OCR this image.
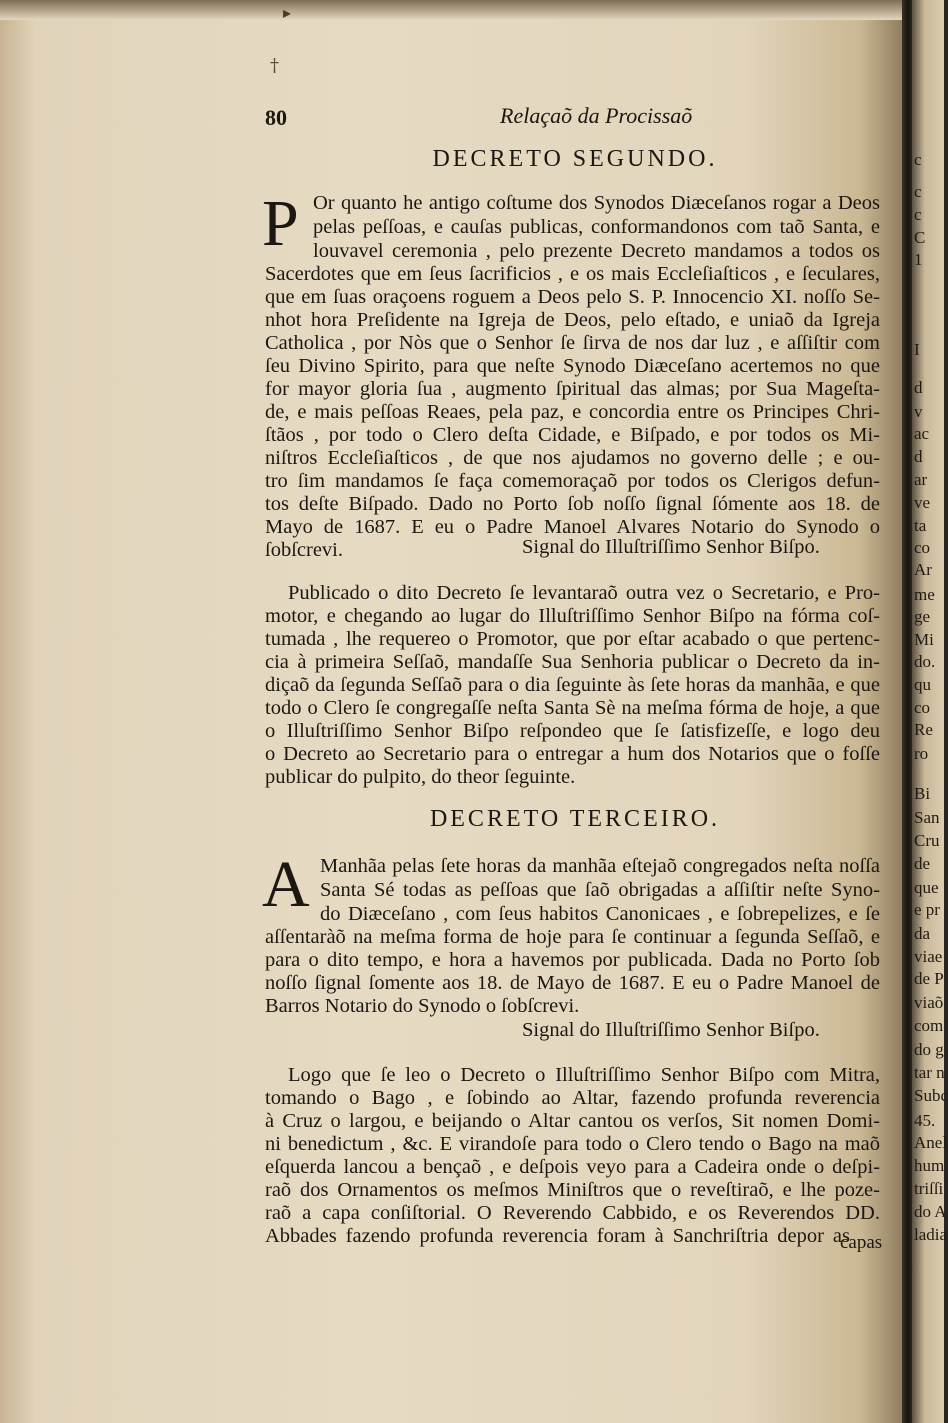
†
▸
80	Relaçaõ da Procissaõ
DECRETO SEGUNDO.
P Or quanto he antigo coſtume dos Synodos Diæceſanos rogar a Deos
pelas peſſoas, e cauſas publicas, conformandonos com taõ Santa, e
louvavel ceremonia , pelo prezente Decreto mandamos a todos os
Sacerdotes que em ſeus ſacrificios , e os mais Eccleſiaſticos , e ſeculares,
que em ſuas oraçoens roguem a Deos pelo S. P. Innocencio XI. noſſo Se-
nhot hora Preſidente na Igreja de Deos, pelo eſtado, e uniaõ da Igreja
Catholica , por Nòs que o Senhor ſe ſirva de nos dar luz , e aſſiſtir com
ſeu Divino Spirito, para que neſte Synodo Diæceſano acertemos no que
for mayor gloria ſua , augmento ſpiritual das almas; por Sua Mageſta-
de, e mais peſſoas Reaes, pela paz, e concordia entre os Principes Chri-
ſtãos , por todo o Clero deſta Cidade, e Biſpado, e por todos os Mi-
niſtros Eccleſiaſticos , de que nos ajudamos no governo delle ; e ou-
tro ſim mandamos ſe faça comemoraçaõ por todos os Clerigos defun-
tos deſte Biſpado. Dado no Porto ſob noſſo ſignal ſómente aos 18. de
Mayo de 1687. E eu o Padre Manoel Alvares Notario do Synodo o ſobſcrevi.	Signal do Illuſtriſſimo Senhor Biſpo.
Publicado o dito Decreto ſe levantaraõ outra vez o Secretario, e Pro-
motor, e chegando ao lugar do Illuſtriſſimo Senhor Biſpo na fórma coſ-
tumada , lhe requereo o Promotor, que por eſtar acabado o que pertenc-
cia à primeira Seſſaõ, mandaſſe Sua Senhoria publicar o Decreto da in-
diçaõ da ſegunda Seſſaõ para o dia ſeguinte às ſete horas da manhãa, e que
todo o Clero ſe congregaſſe neſta Santa Sè na meſma fórma de hoje, a que
o Illuſtriſſimo Senhor Biſpo reſpondeo que ſe ſatisfizeſſe, e logo deu
o Decreto ao Secretario para o entregar a hum dos Notarios que o foſſe
publicar do pulpito, do theor ſeguinte.
DECRETO TERCEIRO.
A Manhãa pelas ſete horas da manhãa eſtejaõ congregados neſta noſſa
Santa Sé todas as peſſoas que ſaõ obrigadas a aſſiſtir neſte Syno-
do Diæceſano , com ſeus habitos Canonicaes , e ſobrepelizes, e ſe
aſſentaràõ na meſma forma de hoje para ſe continuar a ſegunda Seſſaõ, e
para o dito tempo, e hora a havemos por publicada. Dada no Porto ſob
noſſo ſignal ſomente aos 18. de Mayo de 1687. E eu o Padre Manoel de
Barros Notario do Synodo o ſobſcrevi.
Signal do Illuſtriſſimo Senhor Biſpo.
Logo que ſe leo o Decreto o Illuſtriſſimo Senhor Biſpo com Mitra,
tomando o Bago , e ſobindo ao Altar, fazendo profunda reverencia
à Cruz o largou, e beijando o Altar cantou os verſos, Sit nomen Domi-
ni benedictum , &c. E virandoſe para todo o Clero tendo o Bago na maõ
eſquerda lancou a bençaõ , e deſpois veyo para a Cadeira onde o deſpi-
raõ dos Ornamentos os meſmos Miniſtros que o reveſtiraõ, e lhe poze-
raõ a capa conſiſtorial. O Reverendo Cabbido, e os Reverendos DD.
Abbades fazendo profunda reverencia foram à Sanchriſtria depor as
capas
c
c
c
C
1
I
d
v
ac
d
ar
ve
ta
co
Ar
me
ge
Mi
do.
qu
co
Re
ro
Bi
San
Cru
de
que
e pr
da
viae
de P
viaõ
com
do g
tar n
Subc
45.
Anel
hum
triſſi
do A
ladia
